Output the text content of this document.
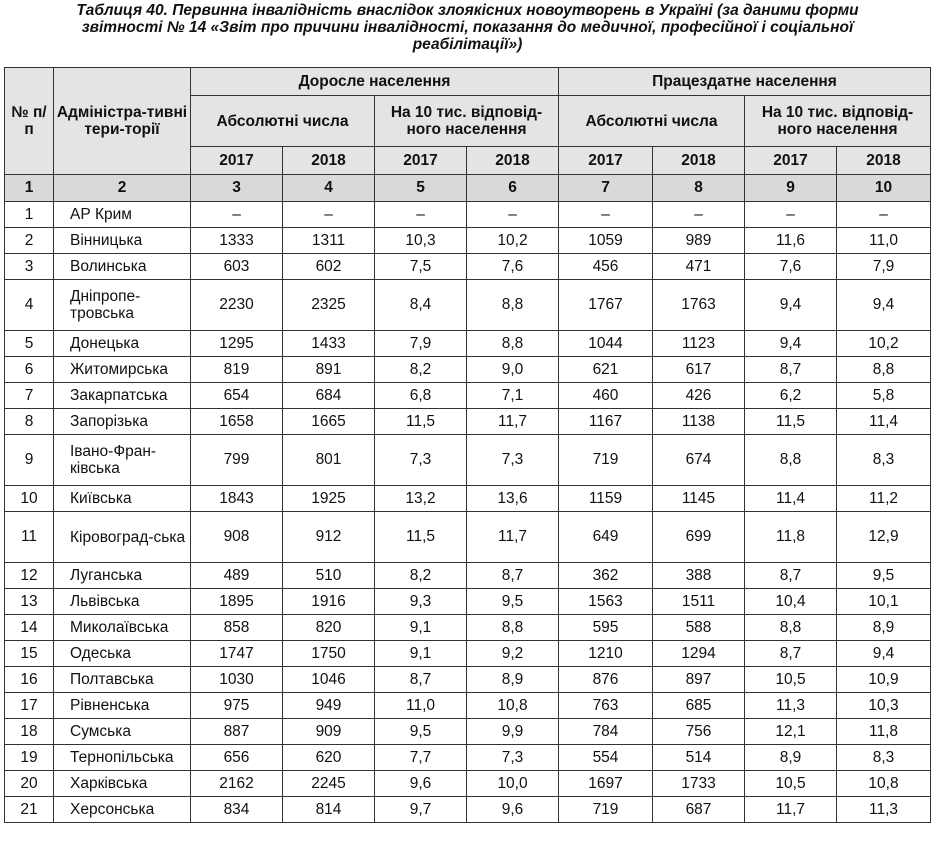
Таблиця 40. Первинна інвалідність внаслідок злоякісних новоутворень в Україні (за даними форми
звітності № 14 «Звіт про причини інвалідності, показання до медичної, професійної і соціальної
реабілітації»)
№ п/п	Адміністра-тивні тери-торії	Доросле населення				Працездатне населення			
		Абсолютні числа		На 10 тис. відповід-ного населення		Абсолютні числа		На 10 тис. відповід-ного населення	
		2017	2018	2017	2018	2017	2018	2017	2018
1	2	3	4	5	6	7	8	9	10
1	АР Крим	–	–	–	–	–	–	–	–
2	Вінницька	1333	1311	10,3	10,2	1059	989	11,6	11,0
3	Волинська	603	602	7,5	7,6	456	471	7,6	7,9
4	Дніпропе-тровська	2230	2325	8,4	8,8	1767	1763	9,4	9,4
5	Донецька	1295	1433	7,9	8,8	1044	1123	9,4	10,2
6	Житомирська	819	891	8,2	9,0	621	617	8,7	8,8
7	Закарпатська	654	684	6,8	7,1	460	426	6,2	5,8
8	Запорізька	1658	1665	11,5	11,7	1167	1138	11,5	11,4
9	Івано-Фран-ківська	799	801	7,3	7,3	719	674	8,8	8,3
10	Київська	1843	1925	13,2	13,6	1159	1145	11,4	11,2
11	Кіровоград-ська	908	912	11,5	11,7	649	699	11,8	12,9
12	Луганська	489	510	8,2	8,7	362	388	8,7	9,5
13	Львівська	1895	1916	9,3	9,5	1563	1511	10,4	10,1
14	Миколаївська	858	820	9,1	8,8	595	588	8,8	8,9
15	Одеська	1747	1750	9,1	9,2	1210	1294	8,7	9,4
16	Полтавська	1030	1046	8,7	8,9	876	897	10,5	10,9
17	Рівненська	975	949	11,0	10,8	763	685	11,3	10,3
18	Сумська	887	909	9,5	9,9	784	756	12,1	11,8
19	Тернопільська	656	620	7,7	7,3	554	514	8,9	8,3
20	Харківська	2162	2245	9,6	10,0	1697	1733	10,5	10,8
21	Херсонська	834	814	9,7	9,6	719	687	11,7	11,3
